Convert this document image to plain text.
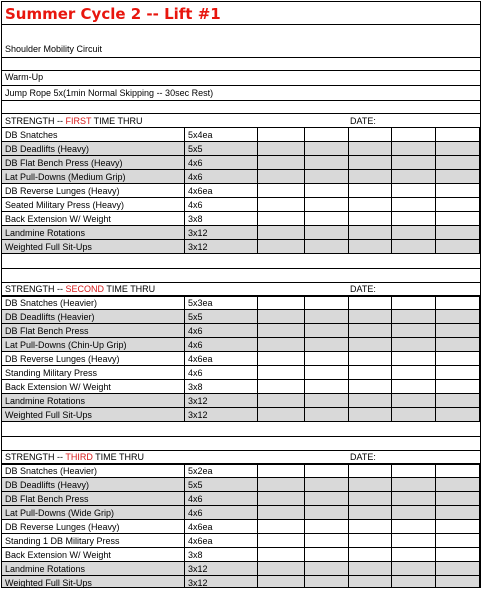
Summer Cycle 2 -- Lift #1
Shoulder Mobility Circuit
Warm-Up
Jump Rope 5x(1min Normal Skipping -- 30sec Rest)
STRENGTH -- FIRST TIME THRU	DATE:
DB Snatches	5x4ea
DB Deadlifts (Heavy)	5x5
DB Flat Bench Press (Heavy)	4x6
Lat Pull-Downs (Medium Grip)	4x6
DB Reverse Lunges (Heavy)	4x6ea
Seated Military Press (Heavy)	4x6
Back Extension W/ Weight	3x8
Landmine Rotations	3x12
Weighted Full Sit-Ups	3x12
STRENGTH -- SECOND TIME THRU	DATE:
DB Snatches (Heavier)	5x3ea
DB Deadlifts (Heavier)	5x5
DB Flat Bench Press	4x6
Lat Pull-Downs (Chin-Up Grip)	4x6
DB Reverse Lunges (Heavy)	4x6ea
Standing Military Press	4x6
Back Extension W/ Weight	3x8
Landmine Rotations	3x12
Weighted Full Sit-Ups	3x12
STRENGTH -- THIRD TIME THRU	DATE:
DB Snatches (Heavier)	5x2ea
DB Deadlifts (Heavy)	5x5
DB Flat Bench Press	4x6
Lat Pull-Downs (Wide Grip)	4x6
DB Reverse Lunges (Heavy)	4x6ea
Standing 1 DB Military Press	4x6ea
Back Extension W/ Weight	3x8
Landmine Rotations	3x12
Weighted Full Sit-Ups	3x12
